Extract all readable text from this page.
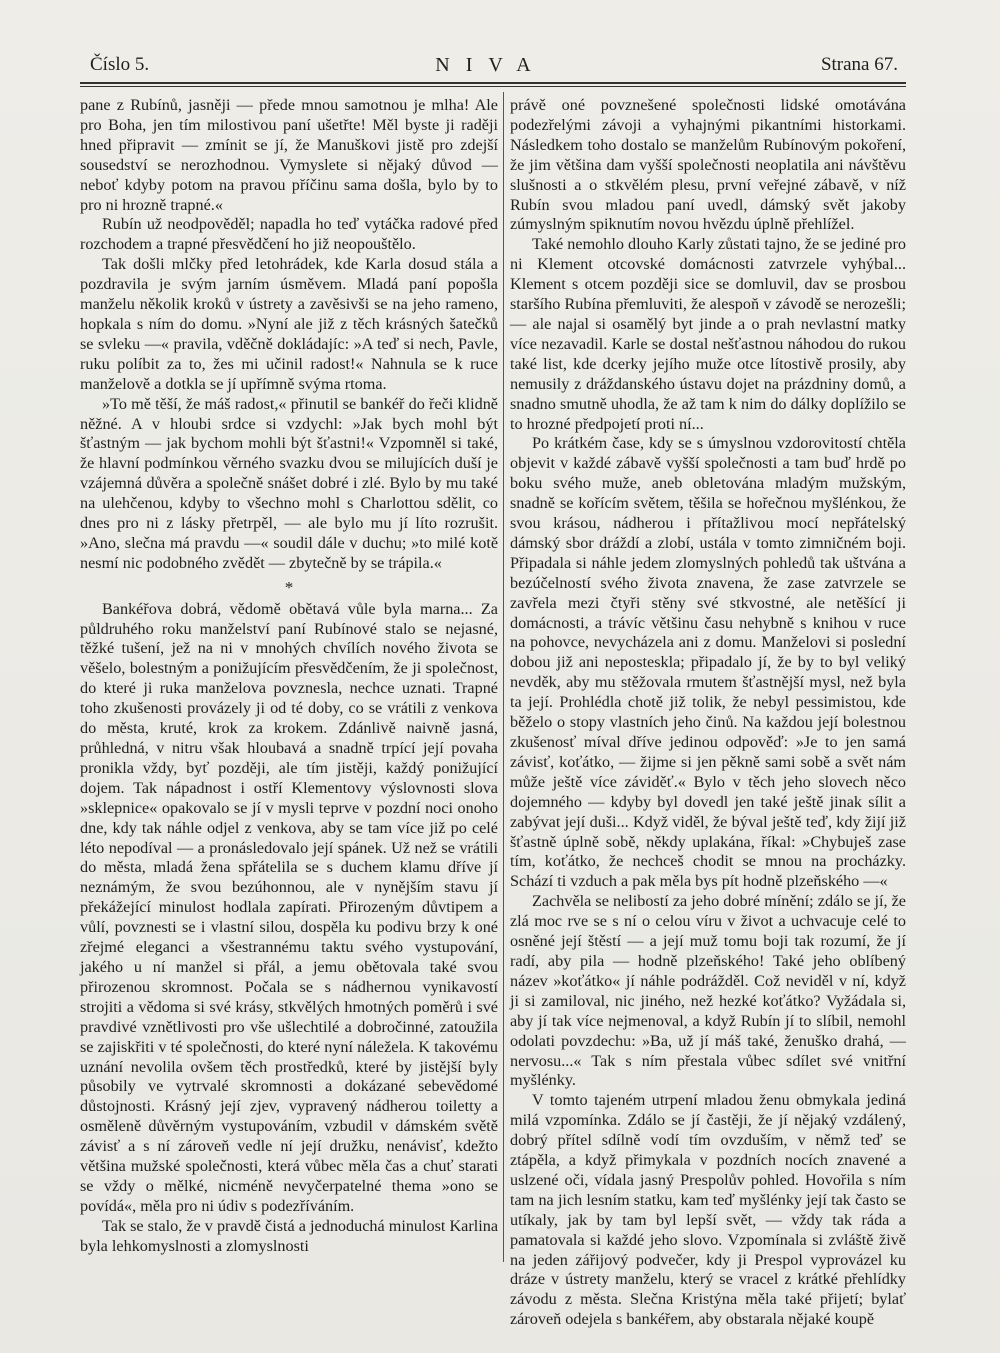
Číslo 5.	NIVA	Strana 67.

pane z Rubínů, jasněji — přede mnou samotnou je mlha! Ale pro Boha, jen tím milostivou paní ušetřte! Měl byste ji raději hned připravit — zmínit se jí, že Manuškovi jistě pro zdejší sousedství se nerozhodnou. Vymyslete si nějaký důvod — neboť kdyby potom na pravou příčinu sama došla, bylo by to pro ni hrozně trapné.«

Rubín už neodpověděl; napadla ho teď vytáčka radové před rozchodem a trapné přesvědčení ho již neopouštělo.

Tak došli mlčky před letohrádek, kde Karla dosud stála a pozdravila je svým jarním úsměvem. Mladá paní popošla manželu několik kroků v ústrety a zavěsivši se na jeho rameno, hopkala s ním do domu. »Nyní ale již z těch krásných šatečků se svleku —« pravila, vděčně dokládajíc: »A teď si nech, Pavle, ruku políbit za to, žes mi učinil radost!« Nahnula se k ruce manželově a dotkla se jí upřímně svýma rtoma.

»To mě těší, že máš radost,« přinutil se bankéř do řeči klidně něžné. A v hloubi srdce si vzdychl: »Jak bych mohl být šťastným — jak bychom mohli být šťastni!« Vzpomněl si také, že hlavní podmínkou věrného svazku dvou se milujících duší je vzájemná důvěra a společně snášet dobré i zlé. Bylo by mu také na ulehčenou, kdyby to všechno mohl s Charlottou sdělit, co dnes pro ni z lásky přetrpěl, — ale bylo mu jí líto rozrušit. »Ano, slečna má pravdu —« soudil dále v duchu; »to milé kotě nesmí nic podobného zvědět — zbytečně by se trápila.«

*

Bankéřova dobrá, vědomě obětavá vůle byla marna... Za půldruhého roku manželství paní Rubínové stalo se nejasné, těžké tušení, jež na ni v mnohých chvílích nového života se věšelo, bolestným a ponižujícím přesvědčením, že ji společnost, do které ji ruka manželova povznesla, nechce uznati. Trapné toho zkušenosti provázely ji od té doby, co se vrátili z venkova do města, kruté, krok za krokem. Zdánlivě naivně jasná, průhledná, v nitru však hloubavá a snadně trpící její povaha pronikla vždy, byť později, ale tím jistěji, každý ponižující dojem. Tak nápadnost i ostří Klementovy výslovnosti slova »sklepnice« opakovalo se jí v mysli teprve v pozdní noci onoho dne, kdy tak náhle odjel z venkova, aby se tam více již po celé léto nepodíval — a pronásledovalo její spánek. Už než se vrátili do města, mladá žena spřátelila se s duchem klamu dříve jí neznámým, že svou bezúhonnou, ale v nynějším stavu jí překážející minulost hodlala zapírati. Přirozeným důvtipem a vůlí, povznesti se i vlastní silou, dospěla ku podivu brzy k oné zřejmé eleganci a všestrannému taktu svého vystupování, jakého u ní manžel si přál, a jemu obětovala také svou přirozenou skromnost. Počala se s nádhernou vynikavostí strojiti a vědoma si své krásy, stkvělých hmotných poměrů i své pravdivé vznětlivosti pro vše ušlechtilé a dobročinné, zatoužila se zajiskřiti v té společnosti, do které nyní náležela. K takovému uznání nevolila ovšem těch prostředků, které by jistější byly působily ve vytrvalé skromnosti a dokázané sebevědomé důstojnosti. Krásný její zjev, vypravený nádherou toiletty a osměleně důvěrným vystupováním, vzbudil v dámském světě závisť a s ní zároveň vedle ní její družku, nenávisť, kdežto většina mužské společnosti, která vůbec měla čas a chuť starati se vždy o mělké, nicméně nevyčerpatelné thema »ono se povídá«, měla pro ni údiv s podezříváním.

Tak se stalo, že v pravdě čistá a jednoduchá minulost Karlina byla lehkomyslnosti a zlomyslnosti

právě oné povznešené společnosti lidské omotávána podezřelými závoji a vyhajnými pikantními historkami. Následkem toho dostalo se manželům Rubínovým pokoření, že jim většina dam vyšší společnosti neoplatila ani návštěvu slušnosti a o stkvělém plesu, první veřejné zábavě, v níž Rubín svou mladou paní uvedl, dámský svět jakoby zúmyslným spiknutím novou hvězdu úplně přehlížel.

Také nemohlo dlouho Karly zůstati tajno, že se jediné pro ni Klement otcovské domácnosti zatvrzele vyhýbal... Klement s otcem později sice se domluvil, dav se prosbou staršího Rubína přemluviti, že alespoň v závodě se nerozešli; — ale najal si osamělý byt jinde a o prah nevlastní matky více nezavadil. Karle se dostal nešťastnou náhodou do rukou také list, kde dcerky jejího muže otce lítostivě prosily, aby nemusily z dráždanského ústavu dojet na prázdniny domů, a snadno smutně uhodla, že až tam k nim do dálky doplížilo se to hrozné předpojetí proti ní...

Po krátkém čase, kdy se s úmyslnou vzdorovitostí chtěla objevit v každé zábavě vyšší společnosti a tam buď hrdě po boku svého muže, aneb obletována mladým mužským, snadně se kořícím světem, těšila se hořečnou myšlénkou, že svou krásou, nádherou i přítažlivou mocí nepřátelský dámský sbor dráždí a zlobí, ustála v tomto zimničném boji. Připadala si náhle jedem zlomyslných pohledů tak uštvána a bezúčelností svého života znavena, že zase zatvrzele se zavřela mezi čtyři stěny své stkvostné, ale netěšící ji domácnosti, a trávíc většinu času nehybně s knihou v ruce na pohovce, nevycházela ani z domu. Manželovi si poslední dobou již ani neposteskla; připadalo jí, že by to byl veliký nevděk, aby mu stěžovala rmutem šťastnější mysl, než byla ta její. Prohlédla chotě již tolik, že nebyl pessimistou, kde běželo o stopy vlastních jeho činů. Na každou její bolestnou zkušenosť míval dříve jedinou odpověď: »Je to jen samá závisť, koťátko, — žijme si jen pěkně sami sobě a svět nám může ještě více záviděť.« Bylo v těch jeho slovech něco dojemného — kdyby byl dovedl jen také ještě jinak sílit a zabývat její duši... Když viděl, že býval ještě teď, kdy žijí již šťastně úplně sobě, někdy uplakána, říkal: »Chybuješ zase tím, koťátko, že nechceš chodit se mnou na procházky. Schází ti vzduch a pak měla bys pít hodně plzeňského —«

Zachvěla se nelibostí za jeho dobré mínění; zdálo se jí, že zlá moc rve se s ní o celou víru v život a uchvacuje celé to osněné její štěstí — a její muž tomu boji tak rozumí, že jí radí, aby pila — hodně plzeňského! Také jeho oblíbený název »koťátko« jí náhle podrážděl. Což neviděl v ní, když ji si zamiloval, nic jiného, než hezké koťátko? Vyžádala si, aby jí tak více nejmenoval, a když Rubín jí to slíbil, nemohl odolati povzdechu: »Ba, už jí máš také, ženuško drahá, — nervosu...« Tak s ním přestala vůbec sdílet své vnitřní myšlénky.

V tomto tajeném utrpení mladou ženu obmykala jediná milá vzpomínka. Zdálo se jí častěji, že jí nějaký vzdálený, dobrý přítel sdílně vodí tím ovzduším, v němž teď se ztápěla, a když přimykala v pozdních nocích znavené a uslzené oči, vídala jasný Prespolův pohled. Hovořila s ním tam na jich lesním statku, kam teď myšlénky její tak často se utíkaly, jak by tam byl lepší svět, — vždy tak ráda a pamatovala si každé jeho slovo. Vzpomínala si zvláště živě na jeden zářijový podvečer, kdy ji Prespol vyprovázel ku dráze v ústrety manželu, který se vracel z krátké přehlídky závodu z města. Slečna Kristýna měla také přijetí; bylať zároveň odejela s bankéřem, aby obstarala nějaké koupě
